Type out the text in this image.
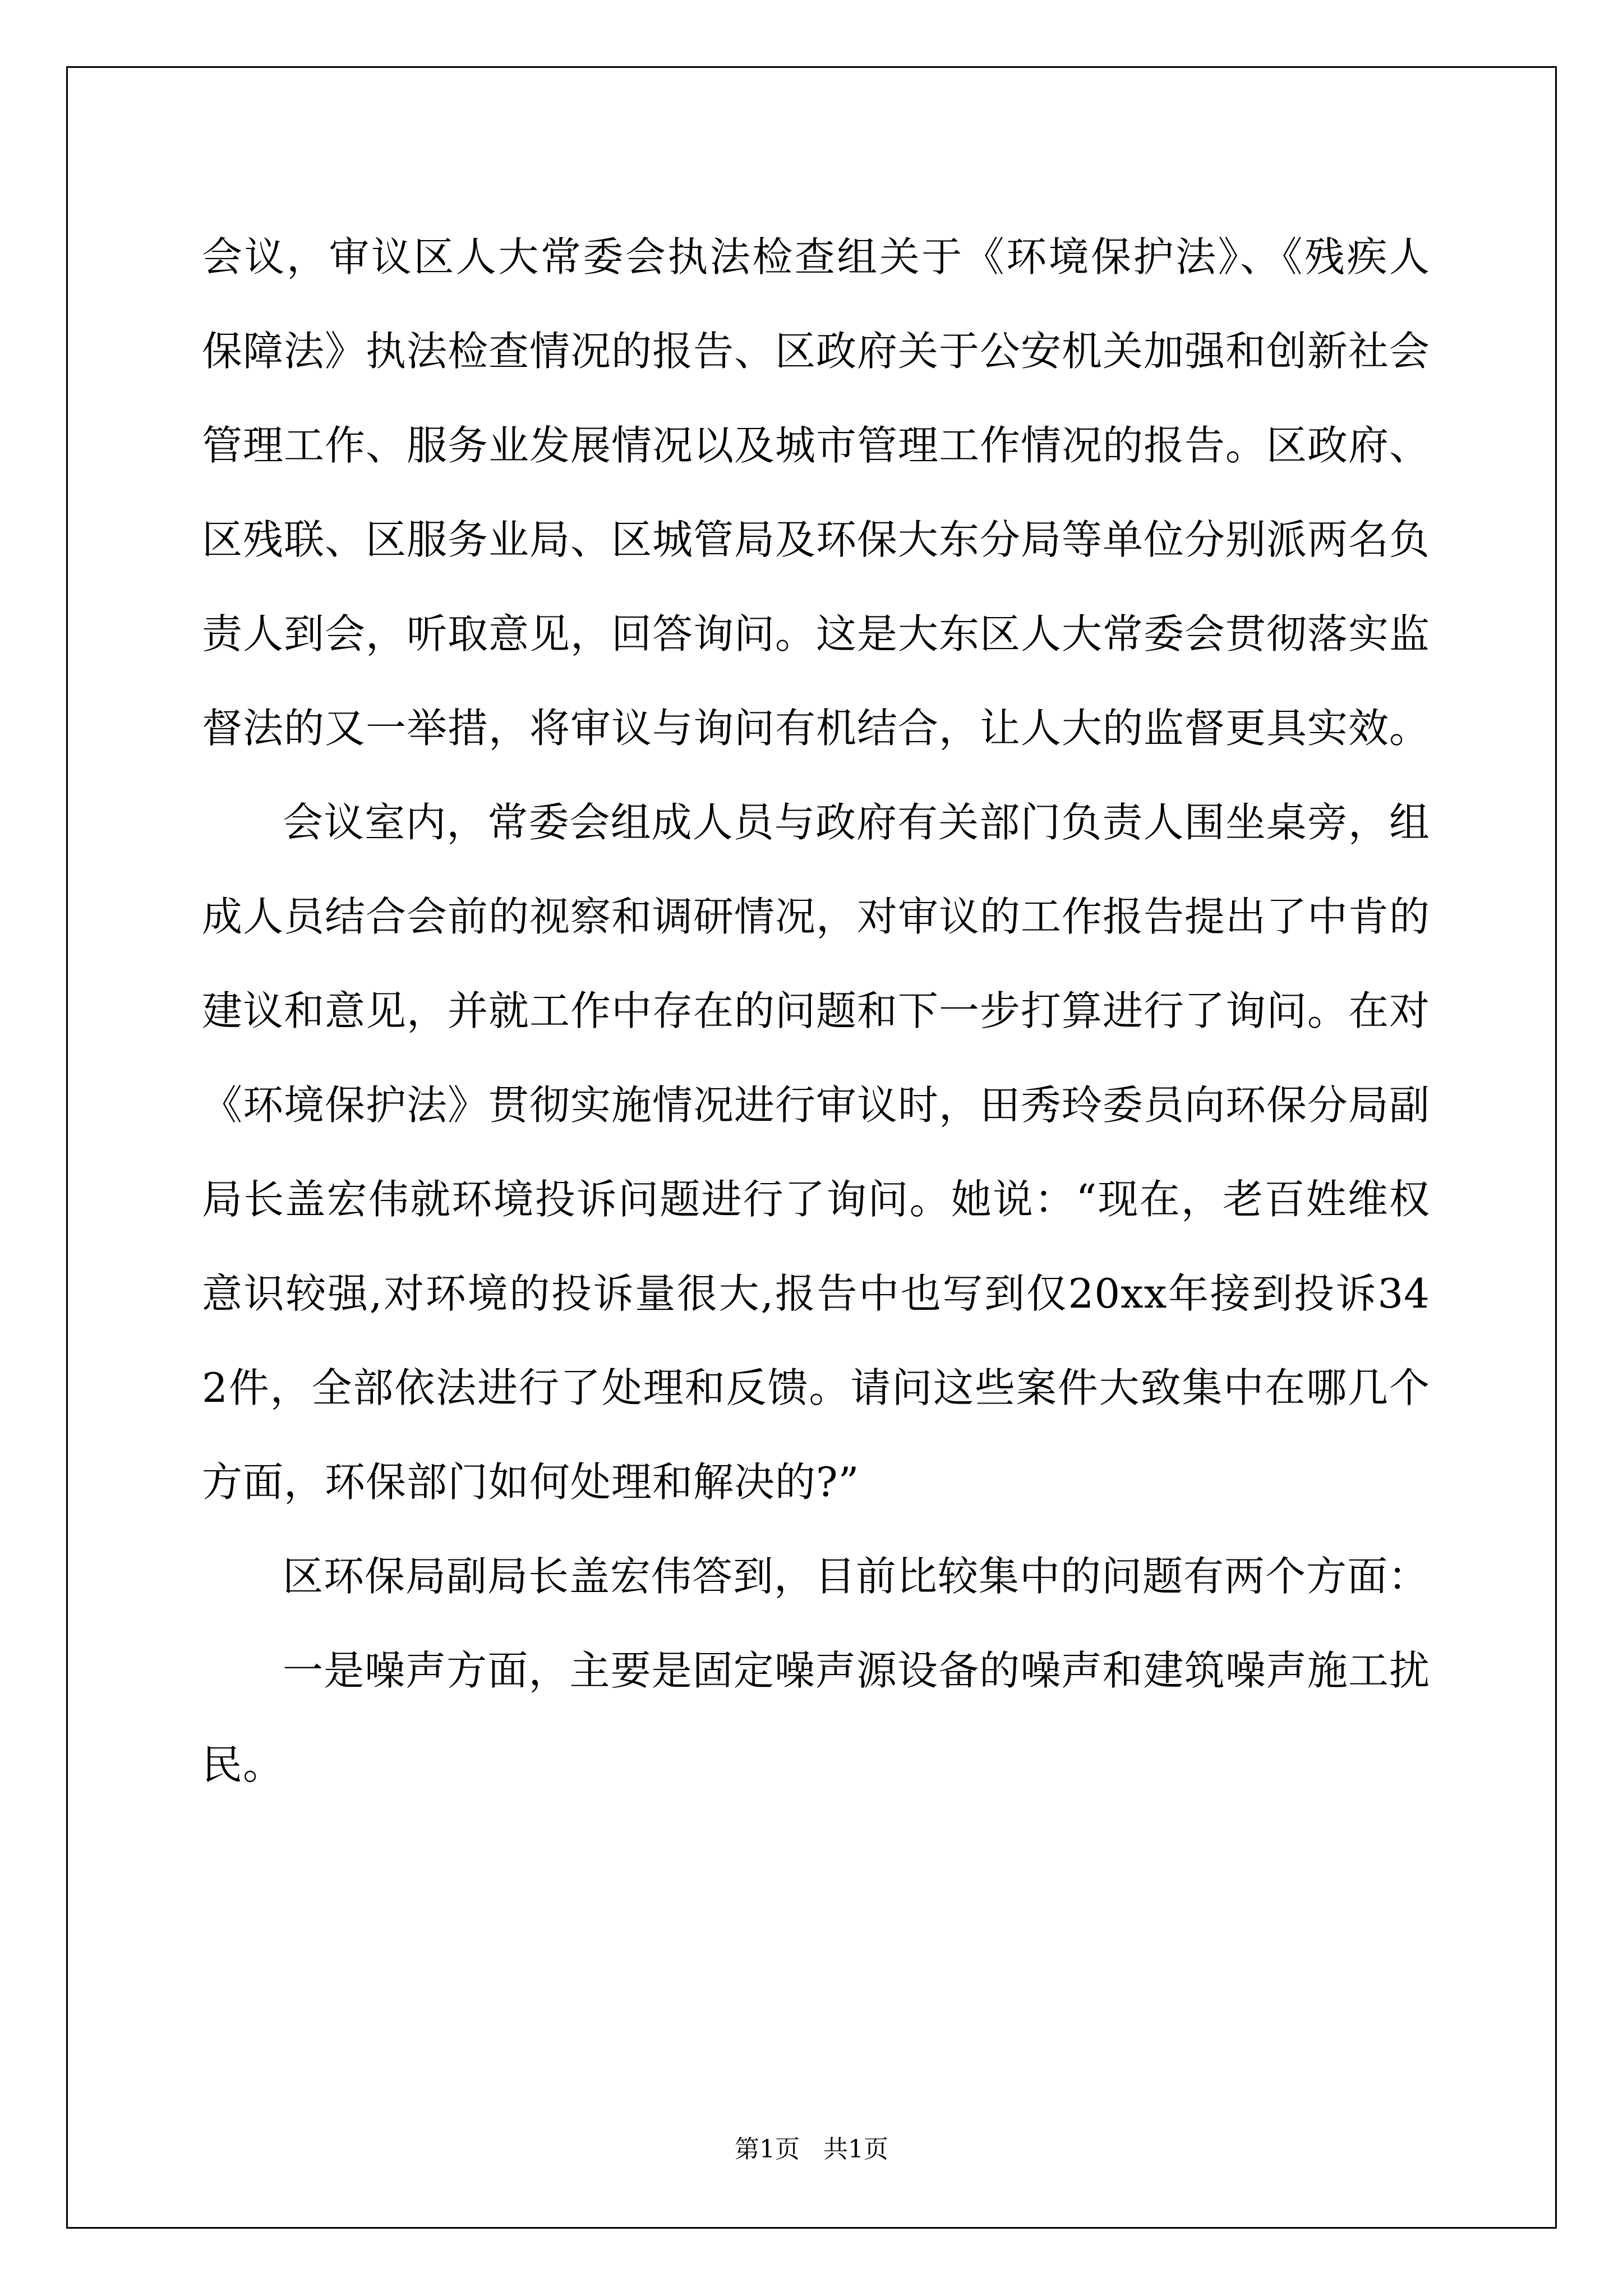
会议，审议区人大常委会执法检查组关于《环境保护法》、《残疾人保障法》执法检查情况的报告、区政府关于公安机关加强和创新社会管理工作、服务业发展情况以及城市管理工作情况的报告。区政府、区残联、区服务业局、区城管局及环保大东分局等单位分别派两名负责人到会，听取意见，回答询问。这是大东区人大常委会贯彻落实监督法的又一举措，将审议与询问有机结合，让人大的监督更具实效。

会议室内，常委会组成人员与政府有关部门负责人围坐桌旁，组成人员结合会前的视察和调研情况，对审议的工作报告提出了中肯的建议和意见，并就工作中存在的问题和下一步打算进行了询问。在对《环境保护法》贯彻实施情况进行审议时，田秀玲委员向环保分局副局长盖宏伟就环境投诉问题进行了询问。她说：“现在，老百姓维权意识较强,对环境的投诉量很大,报告中也写到仅20xx年接到投诉342件，全部依法进行了处理和反馈。请问这些案件大致集中在哪几个方面，环保部门如何处理和解决的?”

区环保局副局长盖宏伟答到，目前比较集中的问题有两个方面：

一是噪声方面，主要是固定噪声源设备的噪声和建筑噪声施工扰民。

第1页   共1页
